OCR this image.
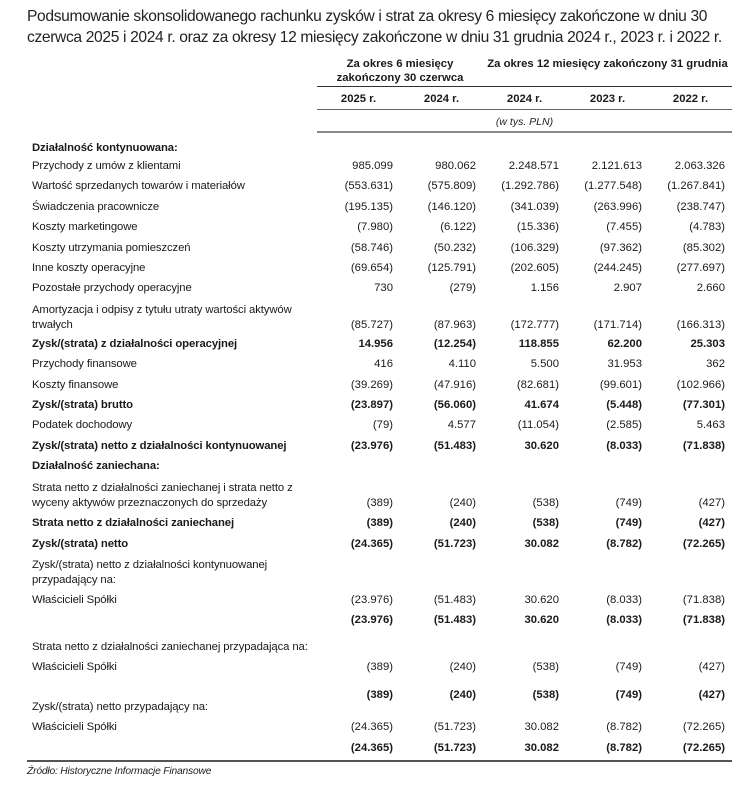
Podsumowanie skonsolidowanego rachunku zysków i strat za okresy 6 miesięcy zakończone w dniu 30 czerwca 2025 i 2024 r. oraz za okresy 12 miesięcy zakończone w dniu 31 grudnia 2024 r., 2023 r. i 2022 r.
Za okres 6 miesięcy zakończony 30 czerwca
Za okres 12 miesięcy zakończony 31 grudnia
2025 r.	2024 r.	2024 r.	2023 r.	2022 r.
(w tys. PLN)
Działalność kontynuowana:
Przychody z umów z klientami	985.099	980.062	2.248.571	2.121.613	2.063.326
Wartość sprzedanych towarów i materiałów	(553.631)	(575.809)	(1.292.786)	(1.277.548)	(1.267.841)
Świadczenia pracownicze	(195.135)	(146.120)	(341.039)	(263.996)	(238.747)
Koszty marketingowe	(7.980)	(6.122)	(15.336)	(7.455)	(4.783)
Koszty utrzymania pomieszczeń	(58.746)	(50.232)	(106.329)	(97.362)	(85.302)
Inne koszty operacyjne	(69.654)	(125.791)	(202.605)	(244.245)	(277.697)
Pozostałe przychody operacyjne	730	(279)	1.156	2.907	2.660
Amortyzacja i odpisy z tytułu utraty wartości aktywów trwałych	(85.727)	(87.963)	(172.777)	(171.714)	(166.313)
Zysk/(strata) z działalności operacyjnej	14.956	(12.254)	118.855	62.200	25.303
Przychody finansowe	416	4.110	5.500	31.953	362
Koszty finansowe	(39.269)	(47.916)	(82.681)	(99.601)	(102.966)
Zysk/(strata) brutto	(23.897)	(56.060)	41.674	(5.448)	(77.301)
Podatek dochodowy	(79)	4.577	(11.054)	(2.585)	5.463
Zysk/(strata) netto z działalności kontynuowanej	(23.976)	(51.483)	30.620	(8.033)	(71.838)
Działalność zaniechana:
Strata netto z działalności zaniechanej i strata netto z wyceny aktywów przeznaczonych do sprzedaży	(389)	(240)	(538)	(749)	(427)
Strata netto z działalności zaniechanej	(389)	(240)	(538)	(749)	(427)
Zysk/(strata) netto	(24.365)	(51.723)	30.082	(8.782)	(72.265)
Zysk/(strata) netto z działalności kontynuowanej przypadający na:
Właścicieli Spółki	(23.976)	(51.483)	30.620	(8.033)	(71.838)
(23.976)	(51.483)	30.620	(8.033)	(71.838)
Strata netto z działalności zaniechanej przypadająca na:
Właścicieli Spółki	(389)	(240)	(538)	(749)	(427)
(389)	(240)	(538)	(749)	(427)
Zysk/(strata) netto przypadający na:
Właścicieli Spółki	(24.365)	(51.723)	30.082	(8.782)	(72.265)
(24.365)	(51.723)	30.082	(8.782)	(72.265)
Źródło: Historyczne Informacje Finansowe
